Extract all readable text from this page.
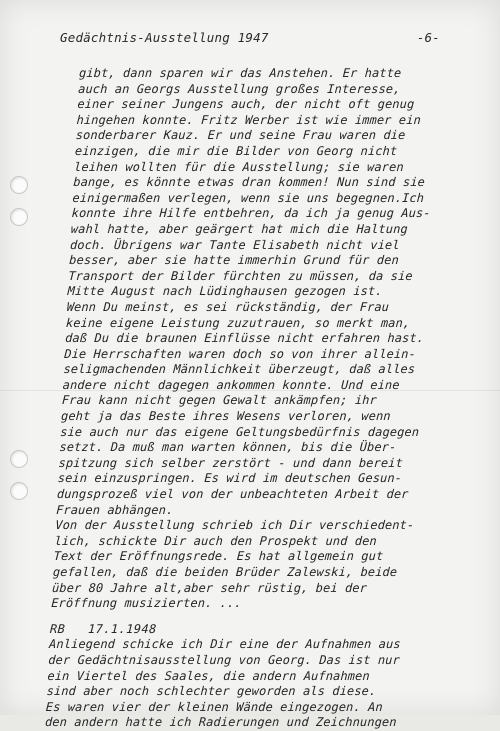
Gedächtnis-Ausstellung 1947	-6-
gibt, dann sparen wir das Anstehen. Er hatte
auch an Georgs Ausstellung großes Interesse,
einer seiner Jungens auch, der nicht oft genug
hingehen konnte. Fritz Werber ist wie immer ein
sonderbarer Kauz. Er und seine Frau waren die
einzigen, die mir die Bilder von Georg nicht
leihen wollten für die Ausstellung; sie waren
bange, es könnte etwas dran kommen! Nun sind sie
einigermaßen verlegen, wenn sie uns begegnen.Ich
konnte ihre Hilfe entbehren, da ich ja genug Aus-
wahl hatte, aber geärgert hat mich die Haltung
doch. Übrigens war Tante Elisabeth nicht viel
besser, aber sie hatte immerhin Grund für den
Transport der Bilder fürchten zu müssen, da sie
Mitte August nach Lüdinghausen gezogen ist.
Wenn Du meinst, es sei rückständig, der Frau
keine eigene Leistung zuzutrauen, so merkt man,
daß Du die braunen Einflüsse nicht erfahren hast.
Die Herrschaften waren doch so von ihrer allein-
seligmachenden Männlichkeit überzeugt, daß alles
andere nicht dagegen ankommen konnte. Und eine
Frau kann nicht gegen Gewalt ankämpfen; ihr
geht ja das Beste ihres Wesens verloren, wenn
sie auch nur das eigene Geltungsbedürfnis dagegen
setzt. Da muß man warten können, bis die Über-
spitzung sich selber zerstört - und dann bereit
sein einzuspringen. Es wird im deutschen Gesun-
dungsprozeß viel von der unbeachteten Arbeit der
Frauen abhängen.
Von der Ausstellung schrieb ich Dir verschiedent-
lich, schickte Dir auch den Prospekt und den
Text der Eröffnungsrede. Es hat allgemein gut
gefallen, daß die beiden Brüder Zalewski, beide
über 80 Jahre alt,aber sehr rüstig, bei der
Eröffnung musizierten. ...
RB   17.1.1948
Anliegend schicke ich Dir eine der Aufnahmen aus
der Gedächtnisausstellung von Georg. Das ist nur
ein Viertel des Saales, die andern Aufnahmen
sind aber noch schlechter geworden als diese.
Es waren vier der kleinen Wände eingezogen. An
den andern hatte ich Radierungen und Zeichnungen
